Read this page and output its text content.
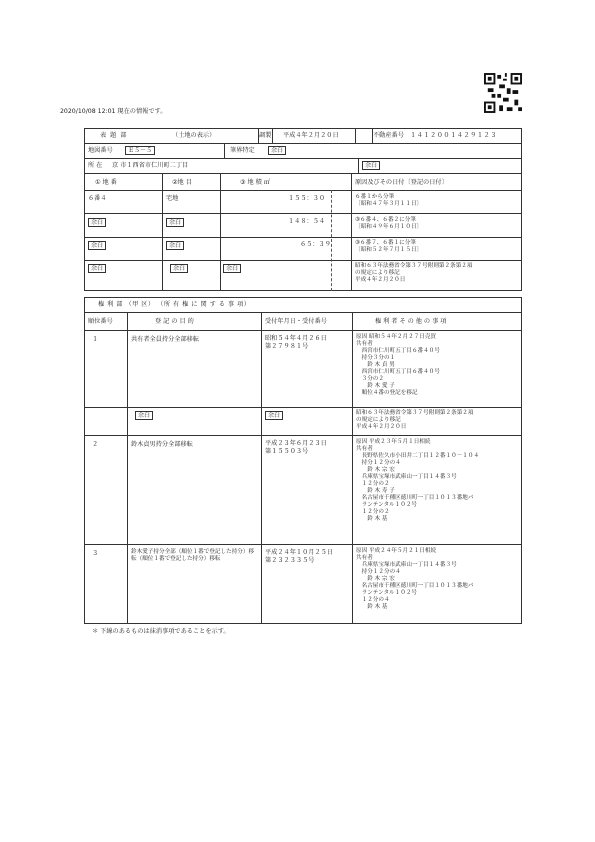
2020/10/08 12:01 現在の情報です。
表 題 部	（土地の表示）	調製 平成４年２月２０日	不動産番号 １４１２００１４２９１２３
地図番号	Ｅ５－５	筆界特定	余白
所 在 京 市１西省市仁川町二丁目	余白
① 地 番	②地 目	③ 地 積 ㎡	原因及びその日付〔登記の日付〕
６番４	宅地	１５５：３０	６番１から分筆
〔昭和４７年３月１１日〕
余白	余白	１４８：５４	③６番４、６番２に分筆
〔昭和４９年６月１０日〕
余白	余白	６５：３９	③６番７、６番１に分筆
〔昭和５２年７月１５日〕
余白	余白	余白	昭和６３年法務省令第３７号附則第２条第２項
の規定により移記
平成４年２月２０日
権 利 部 （甲 区） （所 有 権 に 関 す る 事 項）
順位番号	登 記 の 目 的	受付年月日・受付番号	権 利 者 そ の 他 の 事 項
１	共有者全員持分全部移転	昭和５４年４月２６日
第２７９８１号
原因 昭和５４年２月２７日売買
共有者
　西宮市仁川町五丁目６番４０号
　持分３分の１
　　鈴 木 貞 男
　西宮市仁川町五丁目６番４０号
　３分の２
　　鈴 木 愛 子
　順位４番の登記を移記
余白	余白	昭和６３年法務省令第３７号附則第２条第２項
の規定により移記
平成４年２月２０日
２	鈴木貞男持分全部移転	平成２３年６月２３日
第１５５０３号
原因 平成２３年５月１日相続
共有者
　長野県佐久市小田井二丁目１２番１０－１０４
　持分１２分の４
　　鈴 木 宗 宏
　兵庫県宝塚市武庫山一丁目１４番３号
　１２分の２
　　鈴 木 寿 子
　名古屋市千種区徳川町一丁目１０１３番地パ
　ランテンタル１０２号
　１２分の２
　　鈴 木 基
３	鈴木愛子持分全部（順位１番で登記した持分）移転（順位１番で登記した持分）移転
平成２４年１０月２５日
第２３２３３５号
原因 平成２４年５月２１日相続
共有者
　兵庫県宝塚市武庫山一丁目１４番３号
　持分１２分の４
　　鈴 木 宗 宏
　名古屋市千種区徳川町一丁目１０１３番地パ
　ランテンタル１０２号
　１２分の４
　　鈴 木 基
＊ 下線のあるものは抹消事項であることを示す。
